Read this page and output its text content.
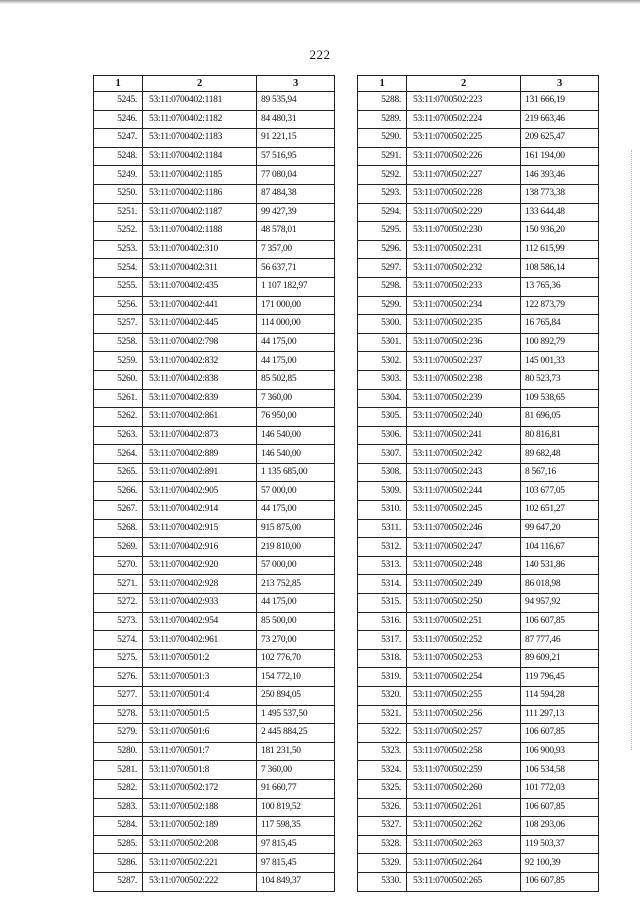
222
1	2	3
5245.	53:11:0700402:1181	89 535,94
5246.	53:11:0700402:1182	84 480,31
5247.	53:11:0700402:1183	91 221,15
5248.	53:11:0700402:1184	57 516,95
5249.	53:11:0700402:1185	77 080,04
5250.	53:11:0700402:1186	87 484,38
5251.	53:11:0700402:1187	99 427,39
5252.	53:11:0700402:1188	48 578,01
5253.	53:11:0700402:310	7 357,00
5254.	53:11:0700402:311	56 637,71
5255.	53:11:0700402:435	1 107 182,97
5256.	53:11:0700402:441	171 000,00
5257.	53:11:0700402:445	114 000,00
5258.	53:11:0700402:798	44 175,00
5259.	53:11:0700402:832	44 175,00
5260.	53:11:0700402:838	85 502,85
5261.	53:11:0700402:839	7 360,00
5262.	53:11:0700402:861	76 950,00
5263.	53:11:0700402:873	146 540,00
5264.	53:11:0700402:889	146 540,00
5265.	53:11:0700402:891	1 135 685,00
5266.	53:11:0700402:905	57 000,00
5267.	53:11:0700402:914	44 175,00
5268.	53:11:0700402:915	915 875,00
5269.	53:11:0700402:916	219 810,00
5270.	53:11:0700402:920	57 000,00
5271.	53:11:0700402:928	213 752,85
5272.	53:11:0700402:933	44 175,00
5273.	53:11:0700402:954	85 500,00
5274.	53:11:0700402:961	73 270,00
5275.	53:11:0700501:2	102 776,70
5276.	53:11:0700501:3	154 772,10
5277.	53:11:0700501:4	250 894,05
5278.	53:11:0700501:5	1 495 537,50
5279.	53:11:0700501:6	2 445 884,25
5280.	53:11:0700501:7	181 231,50
5281.	53:11:0700501:8	7 360,00
5282.	53:11:0700502:172	91 660,77
5283.	53:11:0700502:188	100 819,52
5284.	53:11:0700502:189	117 598,35
5285.	53:11:0700502:208	97 815,45
5286.	53:11:0700502:221	97 815,45
5287.	53:11:0700502:222	104 849,37
1	2	3
5288.	53:11:0700502:223	131 666,19
5289.	53:11:0700502:224	219 663,46
5290.	53:11:0700502:225	209 625,47
5291.	53:11:0700502:226	161 194,00
5292.	53:11:0700502:227	146 393,46
5293.	53:11:0700502:228	138 773,38
5294.	53:11:0700502:229	133 644,48
5295.	53:11:0700502:230	150 936,20
5296.	53:11:0700502:231	112 615,99
5297.	53:11:0700502:232	108 586,14
5298.	53:11:0700502:233	13 765,36
5299.	53:11:0700502:234	122 873,79
5300.	53:11:0700502:235	16 765,84
5301.	53:11:0700502:236	100 892,79
5302.	53:11:0700502:237	145 001,33
5303.	53:11:0700502:238	80 523,73
5304.	53:11:0700502:239	109 538,65
5305.	53:11:0700502:240	81 696,05
5306.	53:11:0700502:241	80 816,81
5307.	53:11:0700502:242	89 682,48
5308.	53:11:0700502:243	8 567,16
5309.	53:11:0700502:244	103 677,05
5310.	53:11:0700502:245	102 651,27
5311.	53:11:0700502:246	99 647,20
5312.	53:11:0700502:247	104 116,67
5313.	53:11:0700502:248	140 531,86
5314.	53:11:0700502:249	86 018,98
5315.	53:11:0700502:250	94 957,92
5316.	53:11:0700502:251	106 607,85
5317.	53:11:0700502:252	87 777,46
5318.	53:11:0700502:253	89 609,21
5319.	53:11:0700502:254	119 796,45
5320.	53:11:0700502:255	114 594,28
5321.	53:11:0700502:256	111 297,13
5322.	53:11:0700502:257	106 607,85
5323.	53:11:0700502:258	106 900,93
5324.	53:11:0700502:259	106 534,58
5325.	53:11:0700502:260	101 772,03
5326.	53:11:0700502:261	106 607,85
5327.	53:11:0700502:262	108 293,06
5328.	53:11:0700502:263	119 503,37
5329.	53:11:0700502:264	92 100,39
5330.	53:11:0700502:265	106 607,85
